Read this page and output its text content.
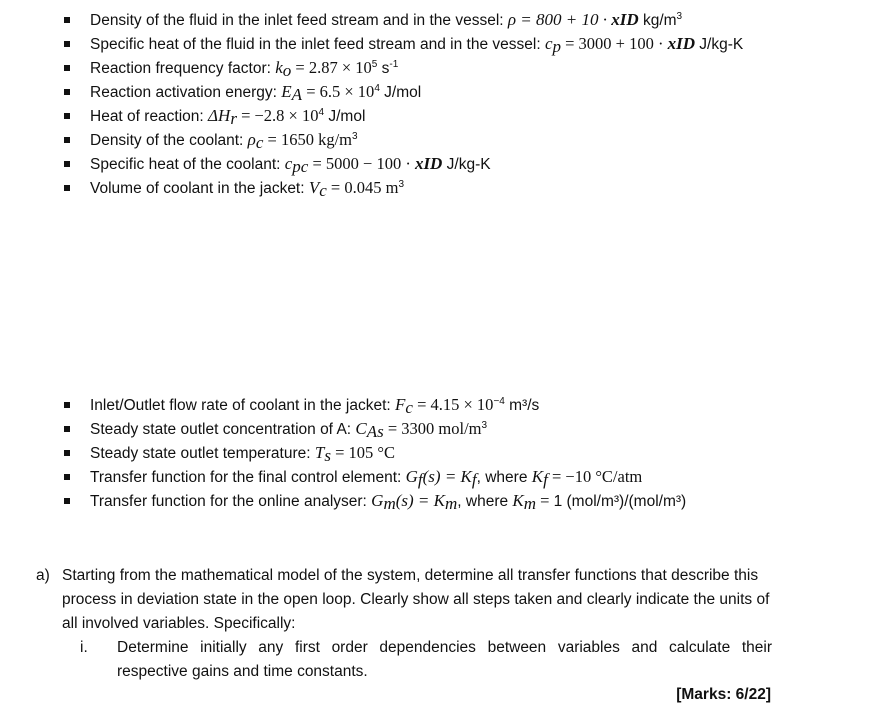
Density of the fluid in the inlet feed stream and in the vessel: ρ = 800 + 10 · xID $kg/m^3$
Specific heat of the fluid in the inlet feed stream and in the vessel: $c_p = 3000 + 100$ · xID J/kg-K
Reaction frequency factor: $k_o = 2.87 \times 10^5$ $s^{-1}$
Reaction activation energy: $E_A = 6.5 \times 10^4$ J/mol
Heat of reaction: $\Delta H_r = -2.8 \times 10^4$ J/mol
Density of the coolant: $\rho_c = 1650$ $kg/m^3$
Specific heat of the coolant: $c_{pc} = 5000 - 100$ · xID J/kg-K
Volume of coolant in the jacket: $V_c = 0.045$ $m^3$
Inlet/Outlet flow rate of coolant in the jacket: $F_c = 4.15 \times 10^{-4}$ m³/s
Steady state outlet concentration of A: $C_{As} = 3300$ mol/$m^3$
Steady state outlet temperature: $T_s = 105$ °C
Transfer function for the final control element: $G_f(s) = K_f$, where $K_f = -10$ °C/atm
Transfer function for the online analyser: $G_m(s) = K_m$, where $K_m = 1$ (mol/m³)/(mol/m³)
a) Starting from the mathematical model of the system, determine all transfer functions that describe this process in deviation state in the open loop. Clearly show all steps taken and clearly indicate the units of all involved variables. Specifically:
i. Determine initially any first order dependencies between variables and calculate their respective gains and time constants.
[Marks: 6/22]
